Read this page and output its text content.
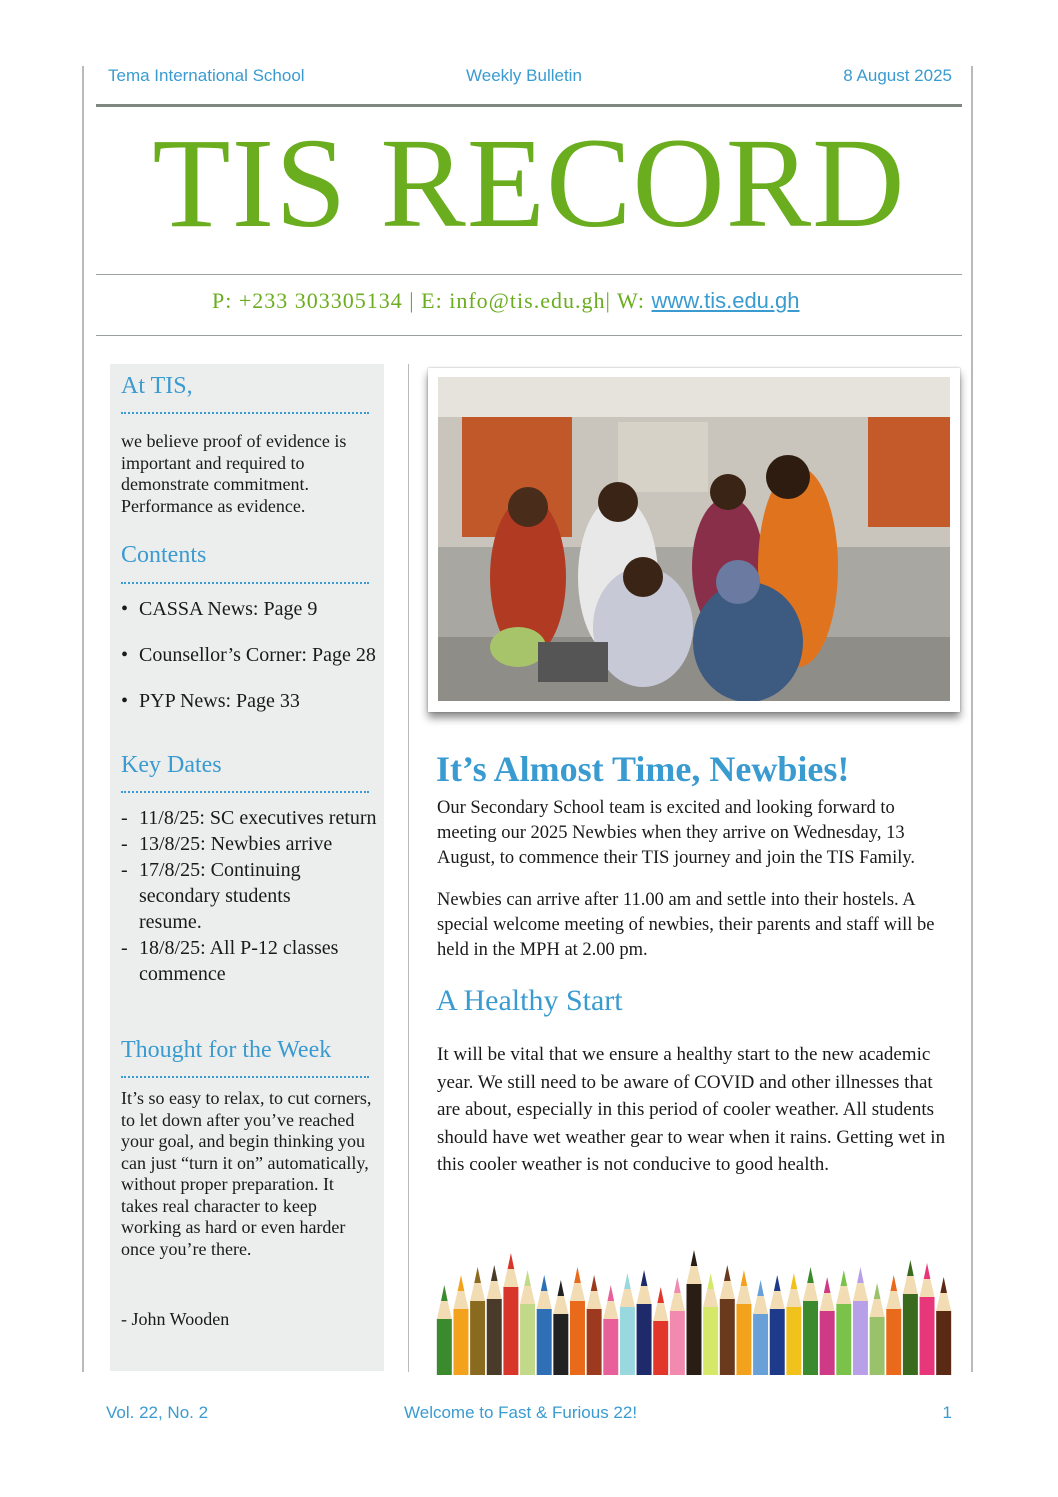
Tema International School	Weekly Bulletin	8 August 2025
TIS RECORD
P: +233 303305134 | E: info@tis.edu.gh| W: www.tis.edu.gh
At TIS,
we believe proof of evidence is important and required to demonstrate commitment. Performance as evidence.
Contents
• CASSA News: Page 9
• Counsellor’s Corner: Page 28
• PYP News: Page 33
Key Dates
- 11/8/25: SC executives return
- 13/8/25: Newbies arrive
- 17/8/25: Continuing secondary students resume.
- 18/8/25: All P-12 classes commence
Thought for the Week
It’s so easy to relax, to cut corners, to let down after you’ve reached your goal, and begin thinking you can just “turn it on” automatically, without proper preparation. It takes real character to keep working as hard or even harder once you’re there.
- John Wooden
It’s Almost Time, Newbies!
Our Secondary School team is excited and looking forward to meeting our 2025 Newbies when they arrive on Wednesday, 13 August, to commence their TIS journey and join the TIS Family.
Newbies can arrive after 11.00 am and settle into their hostels. A special welcome meeting of newbies, their parents and staff will be held in the MPH at 2.00 pm.
A Healthy Start
It will be vital that we ensure a healthy start to the new academic year. We still need to be aware of COVID and other illnesses that are about, especially in this period of cooler weather. All students should have wet weather gear to wear when it rains. Getting wet in this cooler weather is not conducive to good health.
Vol. 22, No. 2	Welcome to Fast & Furious 22!	1
